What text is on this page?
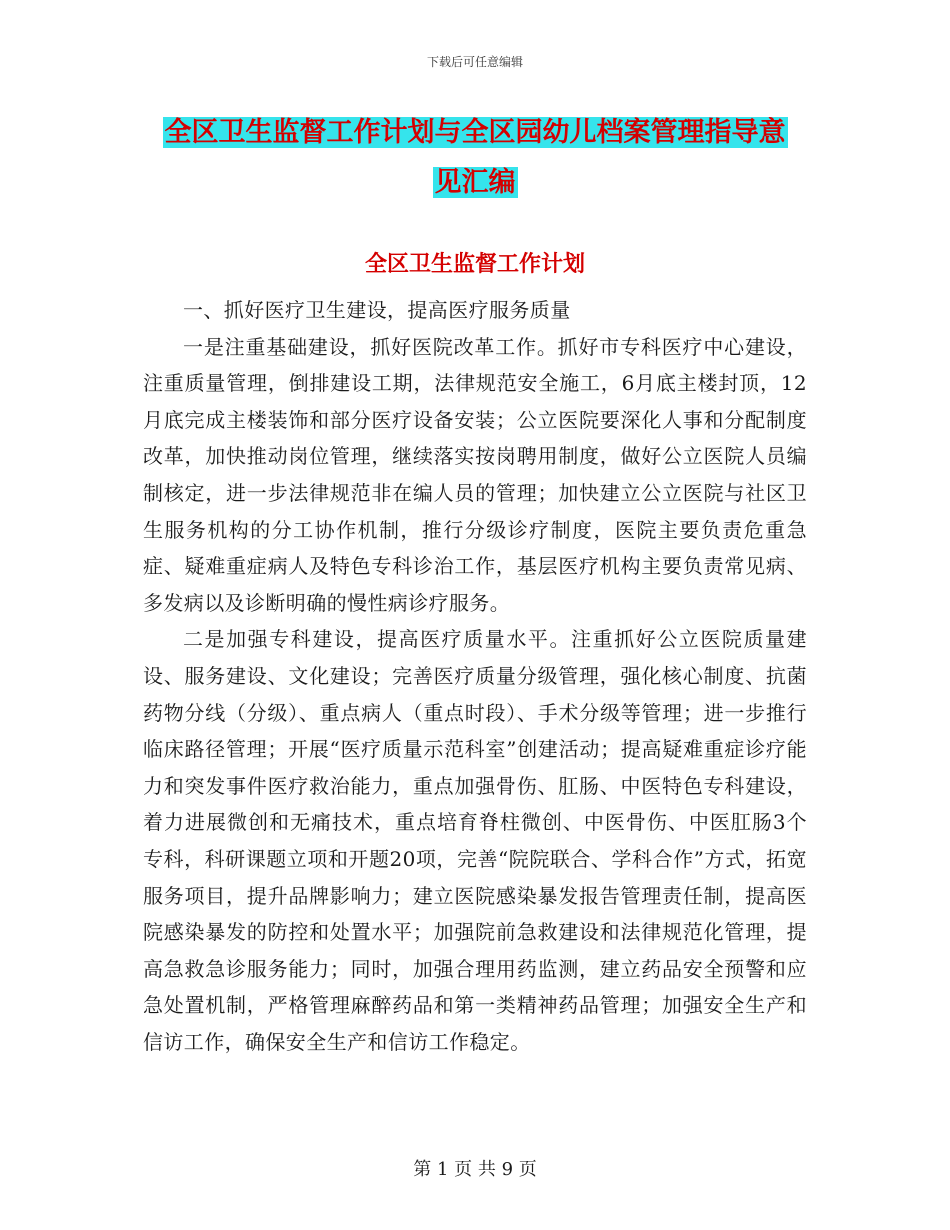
下载后可任意编辑
全区卫生监督工作计划与全区园幼儿档案管理指导意
见汇编
全区卫生监督工作计划

一、抓好医疗卫生建设，提高医疗服务质量

一是注重基础建设，抓好医院改革工作。抓好市专科医疗中心建设，注重质量管理，倒排建设工期，法律规范安全施工，6月底主楼封顶，12月底完成主楼装饰和部分医疗设备安装；公立医院要深化人事和分配制度改革，加快推动岗位管理，继续落实按岗聘用制度，做好公立医院人员编制核定，进一步法律规范非在编人员的管理；加快建立公立医院与社区卫生服务机构的分工协作机制，推行分级诊疗制度，医院主要负责危重急症、疑难重症病人及特色专科诊治工作，基层医疗机构主要负责常见病、多发病以及诊断明确的慢性病诊疗服务。

二是加强专科建设，提高医疗质量水平。注重抓好公立医院质量建设、服务建设、文化建设；完善医疗质量分级管理，强化核心制度、抗菌药物分线（分级）、重点病人（重点时段）、手术分级等管理；进一步推行临床路径管理；开展“医疗质量示范科室”创建活动；提高疑难重症诊疗能力和突发事件医疗救治能力，重点加强骨伤、肛肠、中医特色专科建设，着力进展微创和无痛技术，重点培育脊柱微创、中医骨伤、中医肛肠3个专科，科研课题立项和开题20项，完善“院院联合、学科合作”方式，拓宽服务项目，提升品牌影响力；建立医院感染暴发报告管理责任制，提高医院感染暴发的防控和处置水平；加强院前急救建设和法律规范化管理，提高急救急诊服务能力；同时，加强合理用药监测，建立药品安全预警和应急处置机制，严格管理麻醉药品和第一类精神药品管理；加强安全生产和信访工作，确保安全生产和信访工作稳定。

第 1 页 共 9 页
